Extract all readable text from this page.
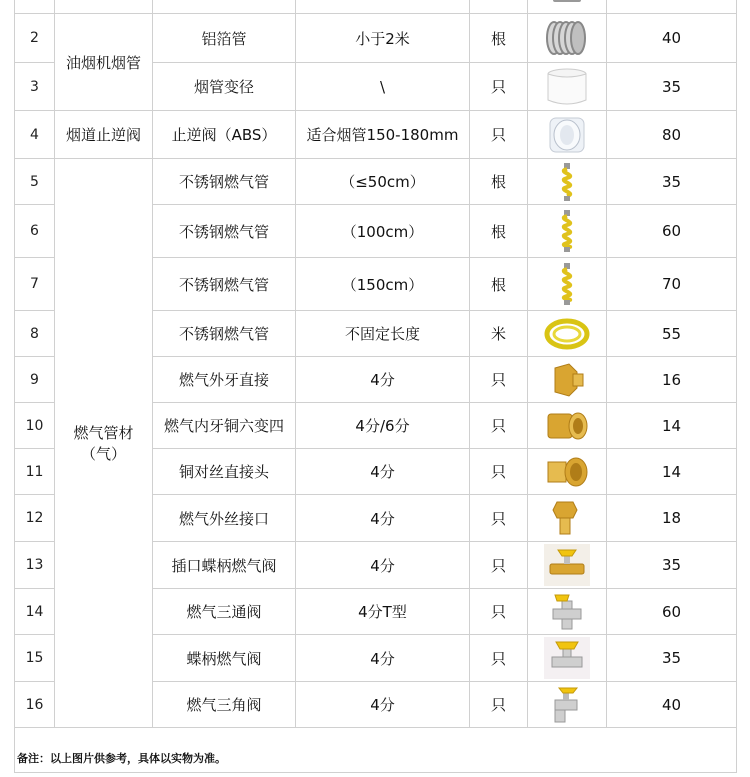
2	油烟机烟管	铝箔管	小于2米	根		40
3		烟管变径	\	只		35
4	烟道止逆阀	止逆阀（ABS）	适合烟管150-180mm	只		80
5	燃气管材（气）	不锈钢燃气管	（≤50cm）	根		35
6		不锈钢燃气管	（100cm）	根		60
7		不锈钢燃气管	（150cm）	根		70
8		不锈钢燃气管	不固定长度	米		55
9		燃气外牙直接	4分	只		16
10		燃气内牙铜六变四	4分/6分	只		14
11		铜对丝直接头	4分	只		14
12		燃气外丝接口	4分	只		18
13		插口蝶柄燃气阀	4分	只		35
14		燃气三通阀	4分T型	只		60
15		蝶柄燃气阀	4分	只		35
16		燃气三角阀	4分	只		40
备注：以上图片供参考，具体以实物为准。						
